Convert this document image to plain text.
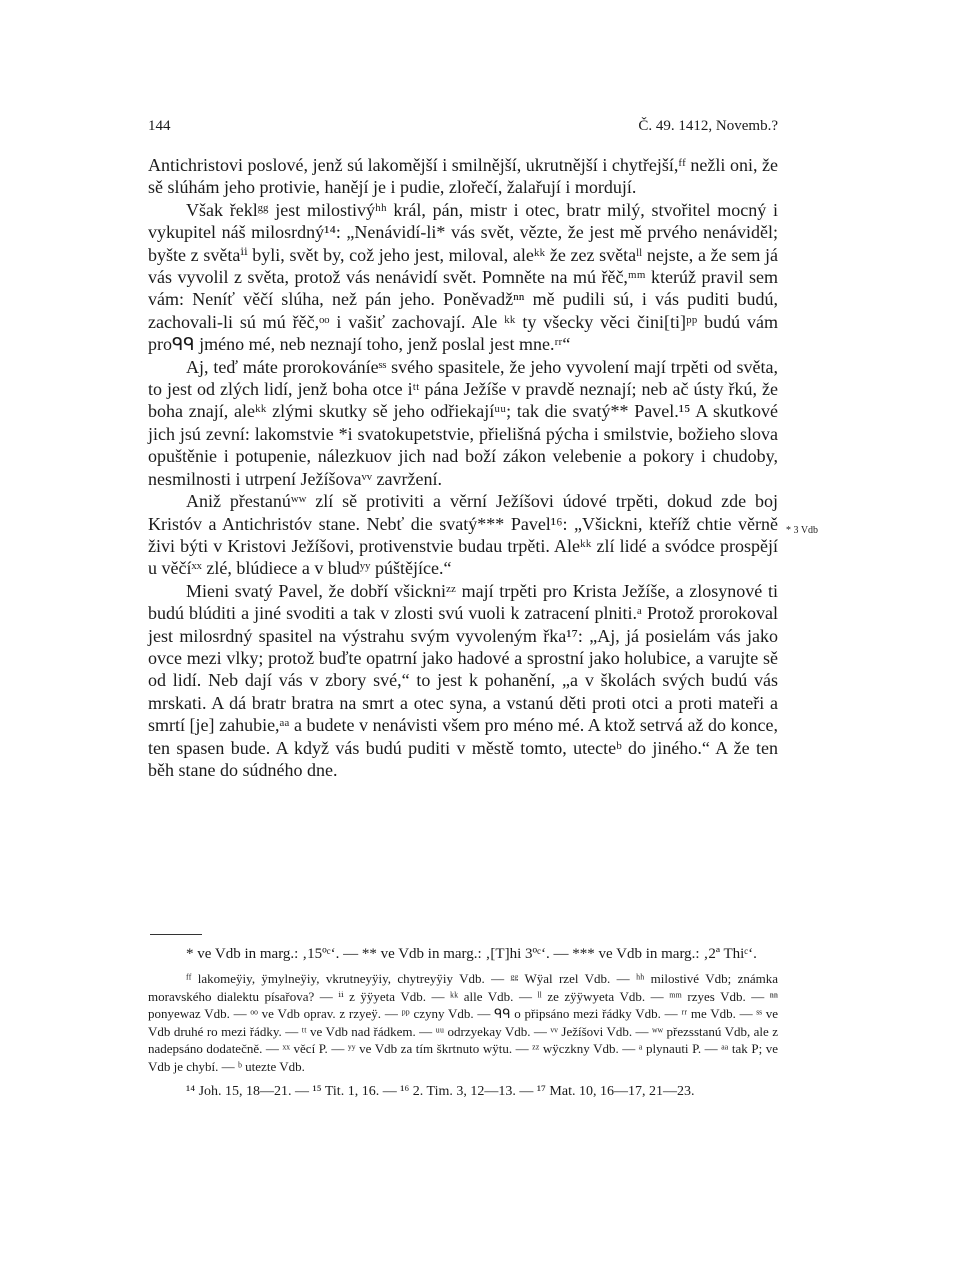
144	Č. 49. 1412, Novemb.?

Antichristovi poslové, jenž sú lakomější i smilnější, ukrutnější i chytřejší,ᶠᶠ nežli oni, že sě slúhám jeho protivie, hanějí je i pudie, zlořečí, žalařují i mordují.

Však řeklᵍᵍ jest milostivýʰʰ král, pán, mistr i otec, bratr milý, stvořitel mocný i vykupitel náš milosrdný¹⁴: „Nenávidí-li* vás svět, vězte, že jest mě prvého nenáviděl; byšte z světaⁱⁱ byli, svět by, což jeho jest, miloval, aleᵏᵏ že zez světaˡˡ nejste, a že sem já vás vyvolil z světa, protož vás nenávidí svět. Pomněte na mú řěč,ᵐᵐ kterúž pravil sem vám: Neníť věčí slúha, než pán jeho. Poněvadžⁿⁿ mě pudili sú, i vás puditi budú, zachovali-li sú mú řěč,ᵒᵒ i vašiť zachovají. Ale ᵏᵏ ty všecky věci čini[ti]ᵖᵖ budú vám proᑫᑫ jméno mé, neb neznají toho, jenž poslal jest mne.ʳʳ“

Aj, teď máte prorokováníeˢˢ svého spasitele, že jeho vyvolení mají trpěti od světa, to jest od zlých lidí, jenž boha otce iᵗᵗ pána Ježíše v pravdě neznají; neb ač ústy řkú, že boha znají, aleᵏᵏ zlými skutky sě jeho odřiekajíᵘᵘ; tak die svatý** Pavel.¹⁵ A skutkové jich jsú zevní: lakomstvie *i svatokupetstvie, přielišná pýcha i smilstvie, božieho slova opuštěnie i potupenie, nálezkuov jich nad boží zákon velebenie a pokory i chudoby, nesmilnosti i utrpení Ježíšovaᵛᵛ zavržení.

Aniž přestanúʷʷ zlí sě protiviti a věrní Ježíšovi údové trpěti, dokud zde boj Kristóv a Antichristóv stane. Nebť die svatý*** Pavel¹⁶: „Všickni, kteříž chtie věrně živi býti v Kristovi Ježíšovi, protivenstvie budau trpěti. Aleᵏᵏ zlí lidé a svódce prospějí u věčíˣˣ zlé, blúdiece a v bludʸʸ púštějíce.“

Mieni svatý Pavel, že dobří všickniᶻᶻ mají trpěti pro Krista Ježíše, a zlosynové ti budú blúditi a jiné svoditi a tak v zlosti svú vuoli k zatracení plniti.ᵃ Protož prorokoval jest milosrdný spasitel na výstrahu svým vyvoleným řka¹⁷: „Aj, já posielám vás jako ovce mezi vlky; protož buďte opatrní jako hadové a sprostní jako holubice, a varujte sě od lidí. Neb dají vás v zbory své,“ to jest k pohanění, „a v školách svých budú vás mrskati. A dá bratr bratra na smrt a otec syna, a vstanú děti proti otci a proti mateři a smrtí [je] zahubie,ᵃᵃ a budete v nenávisti všem pro méno mé. A ktož setrvá až do konce, ten spasen bude. A když vás budú puditi v městě tomto, utecteᵇ do jiného.“ A že ten běh stane do súdného dne.

* 3 Vdb

* ve Vdb in marg.: ‚15ºᶜ‘. — ** ve Vdb in marg.: ‚[T]hi 3ºᶜ‘. — *** ve Vdb in marg.: ‚2ª Thiᶜ‘.

ᶠᶠ lakomeÿiy, ÿmylneÿiy, vkrutneyÿiy, chytreyÿiy Vdb. — ᵍᵍ Wÿal rzel Vdb. — ʰʰ milostivé Vdb; známka moravského dialektu písařova? — ⁱⁱ z ÿÿyeta Vdb. — ᵏᵏ alle Vdb. — ˡˡ ze zÿÿwyeta Vdb. — ᵐᵐ rzyes Vdb. — ⁿⁿ ponyewaz Vdb. — ᵒᵒ ve Vdb oprav. z rzyeÿ. — ᵖᵖ czyny Vdb. — ᑫᑫ o připsáno mezi řádky Vdb. — ʳʳ me Vdb. — ˢˢ ve Vdb druhé ro mezi řádky. — ᵗᵗ ve Vdb nad řádkem. — ᵘᵘ odrzyekay Vdb. — ᵛᵛ Ježíšovi Vdb. — ʷʷ přezsstanú Vdb, ale z nadepsáno dodatečně. — ˣˣ věcí P. — ʸʸ ve Vdb za tím škrtnuto wÿtu. — ᶻᶻ wÿczkny Vdb. — ᵃ plynauti P. — ᵃᵃ tak P; ve Vdb je chybí. — ᵇ utezte Vdb.

¹⁴ Joh. 15, 18—21. — ¹⁵ Tit. 1, 16. — ¹⁶ 2. Tim. 3, 12—13. — ¹⁷ Mat. 10, 16—17, 21—23.
